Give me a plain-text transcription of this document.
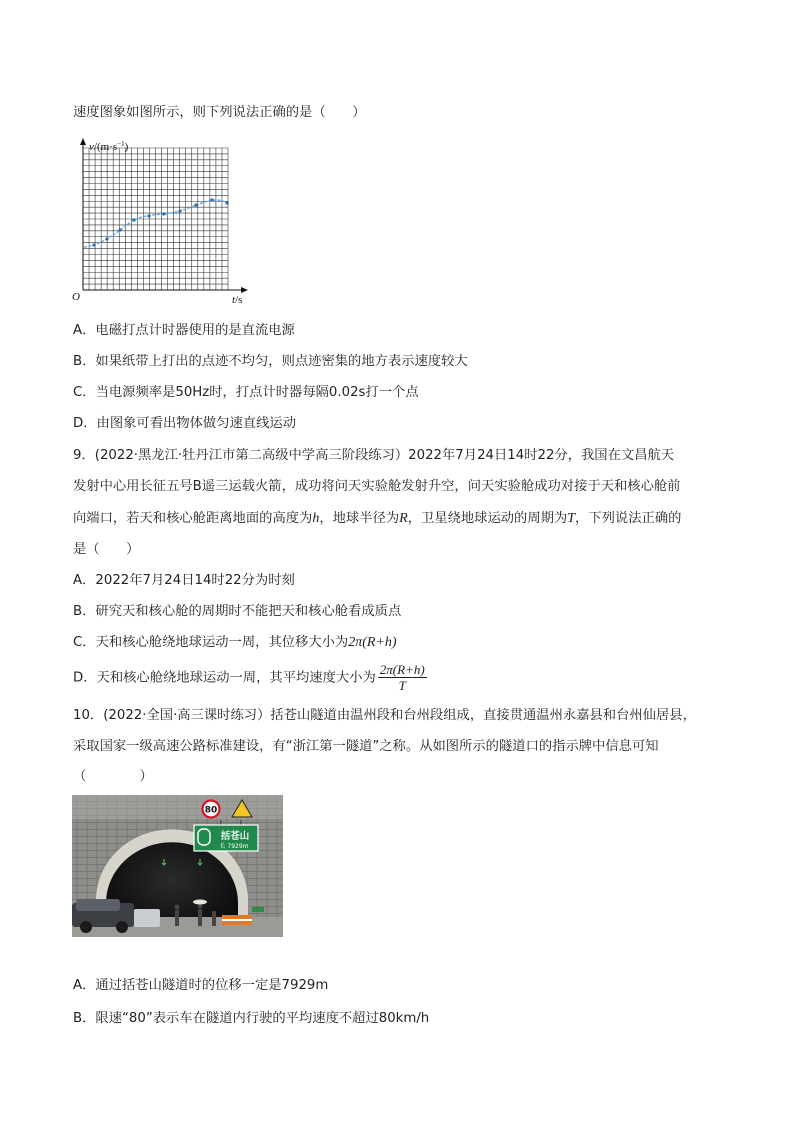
速度图象如图所示，则下列说法正确的是（　　）
$v/(m\cdot s^{-1})$
O	t/s
A．电磁打点计时器使用的是直流电源
B．如果纸带上打出的点迹不均匀，则点迹密集的地方表示速度较大
C．当电源频率是50Hz时，打点计时器每隔0.02s打一个点
D．由图象可看出物体做匀速直线运动
9．(2022·黑龙江·牡丹江市第二高级中学高三阶段练习）2022年7月24日14时22分，我国在文昌航天
发射中心用长征五号B遥三运载火箭，成功将问天实验舱发射升空，问天实验舱成功对接于天和核心舱前
向端口，若天和核心舱距离地面的高度为h，地球半径为R，卫星绕地球运动的周期为T，下列说法正确的
是（　　）
A．2022年7月24日14时22分为时刻
B．研究天和核心舱的周期时不能把天和核心舱看成质点
C．天和核心舱绕地球运动一周，其位移大小为2π(R+h)
D．天和核心舱绕地球运动一周，其平均速度大小为 $\frac{2\pi(R+h)}{T}$
10．(2022·全国·高三课时练习）括苍山隧道由温州段和台州段组成，直接贯通温州永嘉县和台州仙居县，
采取国家一级高速公路标准建设，有“浙江第一隧道”之称。从如图所示的隧道口的指示牌中信息可知
（　　　　）
80
括苍山
长 7929m
A．通过括苍山隧道时的位移一定是7929m
B．限速“80”表示车在隧道内行驶的平均速度不超过80km/h
